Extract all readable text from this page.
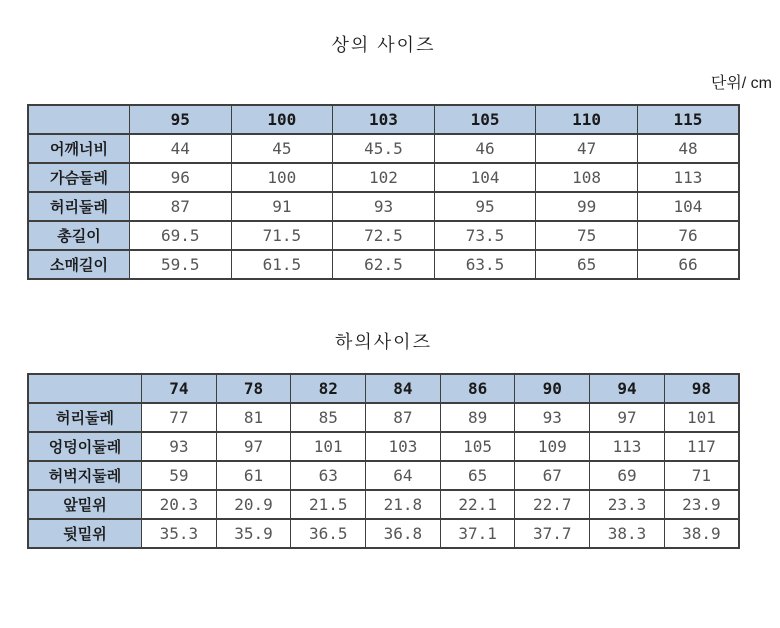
상의 사이즈
단위/ cm
	95	100	103	105	110	115
어깨너비	44	45	45.5	46	47	48
가슴둘레	96	100	102	104	108	113
허리둘레	87	91	93	95	99	104
총길이	69.5	71.5	72.5	73.5	75	76
소매길이	59.5	61.5	62.5	63.5	65	66
하의사이즈
	74	78	82	84	86	90	94	98
허리둘레	77	81	85	87	89	93	97	101
엉덩이둘레	93	97	101	103	105	109	113	117
허벅지둘레	59	61	63	64	65	67	69	71
앞밑위	20.3	20.9	21.5	21.8	22.1	22.7	23.3	23.9
뒷밑위	35.3	35.9	36.5	36.8	37.1	37.7	38.3	38.9
